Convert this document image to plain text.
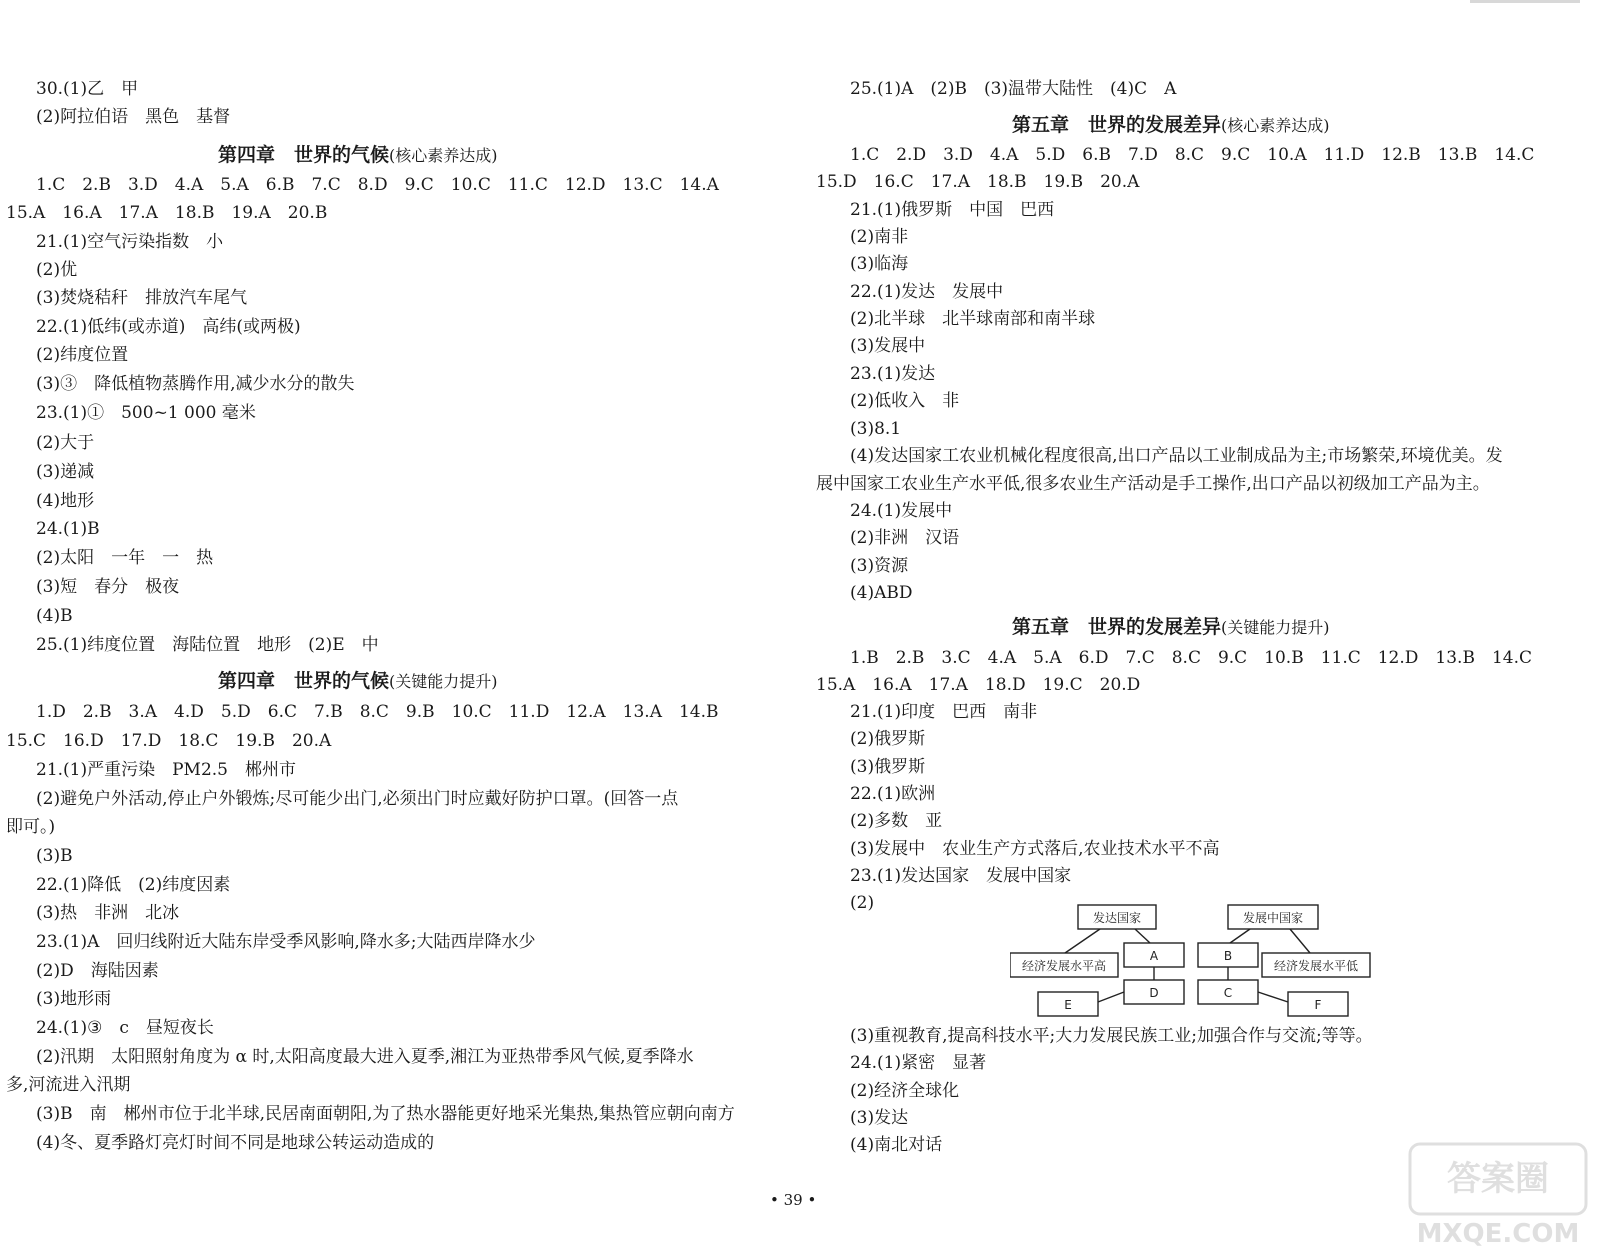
30.(1)乙　甲
(2)阿拉伯语　黑色　基督
1.C　2.B　3.D　4.A　5.A　6.B　7.C　8.D　9.C　10.C　11.C　12.D　13.C　14.A
15.A　16.A　17.A　18.B　19.A　20.B
21.(1)空气污染指数　小
(2)优
(3)焚烧秸秆　排放汽车尾气
22.(1)低纬(或赤道)　高纬(或两极)
(2)纬度位置
(3)③　降低植物蒸腾作用,减少水分的散失
23.(1)①　500~1 000 毫米
(2)大于
(3)递减
(4)地形
24.(1)B
(2)太阳　一年　一　热
(3)短　春分　极夜
(4)B
25.(1)纬度位置　海陆位置　地形　(2)E　中
1.D　2.B　3.A　4.D　5.D　6.C　7.B　8.C　9.B　10.C　11.D　12.A　13.A　14.B
15.C　16.D　17.D　18.C　19.B　20.A
21.(1)严重污染　PM2.5　郴州市
(2)避免户外活动,停止户外锻炼;尽可能少出门,必须出门时应戴好防护口罩。(回答一点
即可。)
(3)B
22.(1)降低　(2)纬度因素
(3)热　非洲　北冰
23.(1)A　回归线附近大陆东岸受季风影响,降水多;大陆西岸降水少
(2)D　海陆因素
(3)地形雨
24.(1)③　c　昼短夜长
(2)汛期　太阳照射角度为 α 时,太阳高度最大进入夏季,湘江为亚热带季风气候,夏季降水
多,河流进入汛期
(3)B　南　郴州市位于北半球,民居南面朝阳,为了热水器能更好地采光集热,集热管应朝向南方
(4)冬、夏季路灯亮灯时间不同是地球公转运动造成的
第四章　世界的气候(核心素养达成)
第四章　世界的气候(关键能力提升)
25.(1)A　(2)B　(3)温带大陆性　(4)C　A
1.C　2.D　3.D　4.A　5.D　6.B　7.D　8.C　9.C　10.A　11.D　12.B　13.B　14.C
15.D　16.C　17.A　18.B　19.B　20.A
21.(1)俄罗斯　中国　巴西
(2)南非
(3)临海
22.(1)发达　发展中
(2)北半球　北半球南部和南半球
(3)发展中
23.(1)发达
(2)低收入　非
(3)8.1
(4)发达国家工农业机械化程度很高,出口产品以工业制成品为主;市场繁荣,环境优美。发
展中国家工农业生产水平低,很多农业生产活动是手工操作,出口产品以初级加工产品为主。
24.(1)发展中
(2)非洲　汉语
(3)资源
(4)ABD
1.B　2.B　3.C　4.A　5.A　6.D　7.C　8.C　9.C　10.B　11.C　12.D　13.B　14.C
15.A　16.A　17.A　18.D　19.C　20.D
21.(1)印度　巴西　南非
(2)俄罗斯
(3)俄罗斯
22.(1)欧洲
(2)多数　亚
(3)发展中　农业生产方式落后,农业技术水平不高
23.(1)发达国家　发展中国家
(2)
(3)重视教育,提高科技水平;大力发展民族工业;加强合作与交流;等等。
24.(1)紧密　显著
(2)经济全球化
(3)发达
(4)南北对话
第五章　世界的发展差异(核心素养达成)
第五章　世界的发展差异(关键能力提升)
发达国家
经济发展水平高
A
E
D
发展中国家
B
经济发展水平低
C
F
• 39 •
答案圈
MXQE.COM
